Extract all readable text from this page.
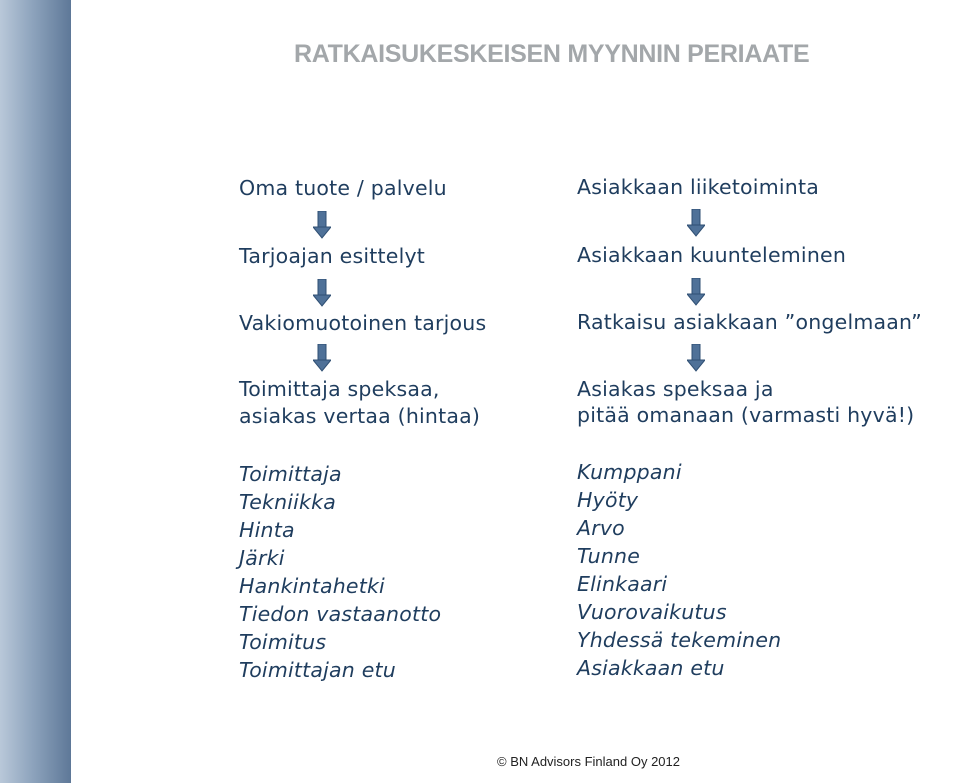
RATKAISUKESKEISEN MYYNNIN PERIAATE
Oma tuote / palvelu
Tarjoajan esittelyt
Vakiomuotoinen tarjous
Toimittaja speksaa,
asiakas vertaa (hintaa)
Toimittaja
Tekniikka
Hinta
Järki
Hankintahetki
Tiedon vastaanotto
Toimitus
Toimittajan etu
Asiakkaan liiketoiminta
Asiakkaan kuunteleminen
Ratkaisu asiakkaan ”ongelmaan”
Asiakas speksaa ja
pitää omanaan (varmasti hyvä!)
Kumppani
Hyöty
Arvo
Tunne
Elinkaari
Vuorovaikutus
Yhdessä tekeminen
Asiakkaan etu
© BN Advisors Finland Oy 2012
